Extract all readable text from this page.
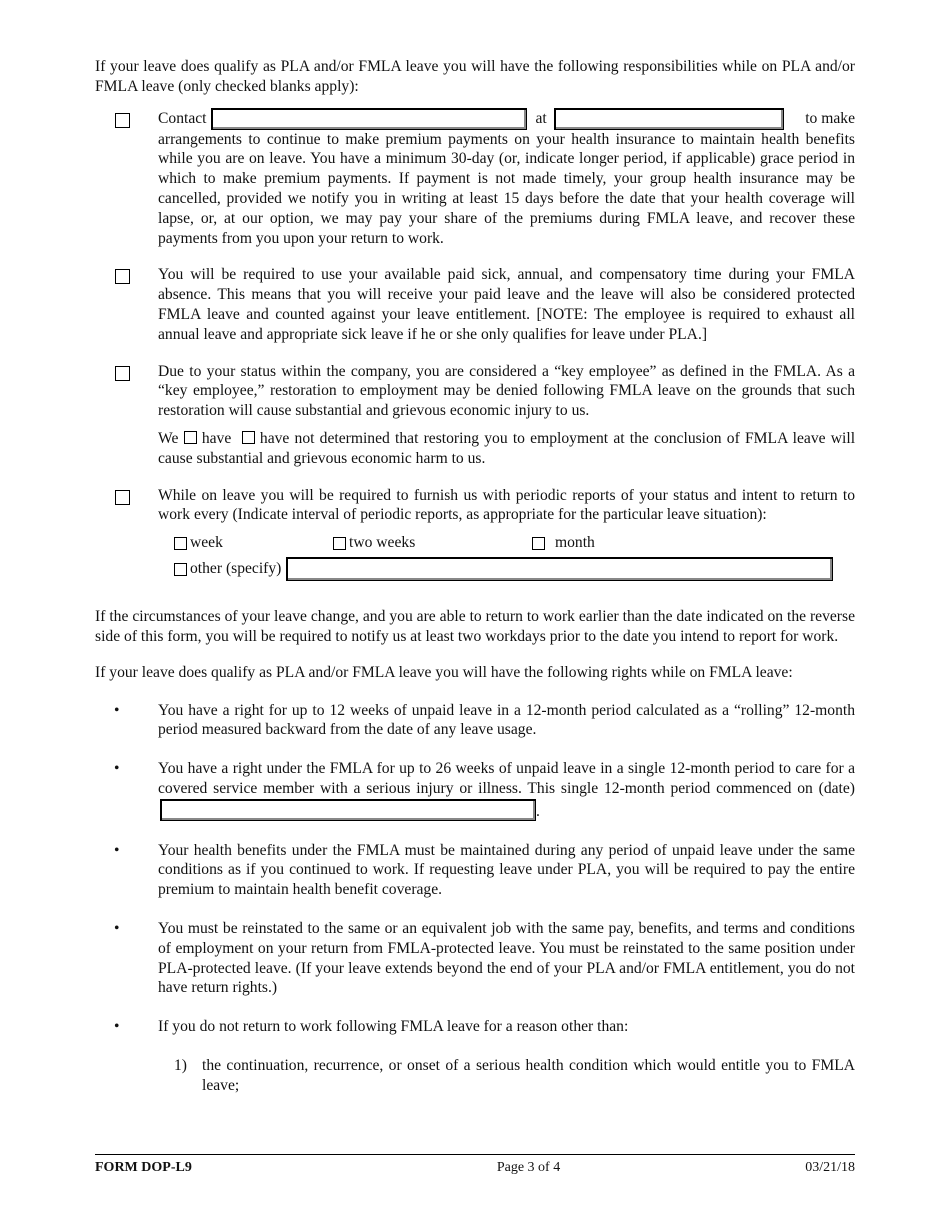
If your leave does qualify as PLA and/or FMLA leave you will have the following responsibilities while on PLA and/or FMLA leave (only checked blanks apply):

Contact	at	to make
arrangements to continue to make premium payments on your health insurance to maintain health benefits while you are on leave. You have a minimum 30-day (or, indicate longer period, if applicable) grace period in which to make premium payments. If payment is not made timely, your group health insurance may be cancelled, provided we notify you in writing at least 15 days before the date that your health coverage will lapse, or, at our option, we may pay your share of the premiums during FMLA leave, and recover these payments from you upon your return to work.

You will be required to use your available paid sick, annual, and compensatory time during your FMLA absence. This means that you will receive your paid leave and the leave will also be considered protected FMLA leave and counted against your leave entitlement. [NOTE: The employee is required to exhaust all annual leave and appropriate sick leave if he or she only qualifies for leave under PLA.]

Due to your status within the company, you are considered a “key employee” as defined in the FMLA. As a “key employee,” restoration to employment may be denied following FMLA leave on the grounds that such restoration will cause substantial and grievous economic injury to us.

We have have not determined that restoring you to employment at the conclusion of FMLA leave will cause substantial and grievous economic harm to us.

While on leave you will be required to furnish us with periodic reports of your status and intent to return to work every (Indicate interval of periodic reports, as appropriate for the particular leave situation):

week	two weeks	month
other (specify)

If the circumstances of your leave change, and you are able to return to work earlier than the date indicated on the reverse side of this form, you will be required to notify us at least two workdays prior to the date you intend to report for work.

If your leave does qualify as PLA and/or FMLA leave you will have the following rights while on FMLA leave:

• You have a right for up to 12 weeks of unpaid leave in a 12-month period calculated as a “rolling” 12-month period measured backward from the date of any leave usage.

• You have a right under the FMLA for up to 26 weeks of unpaid leave in a single 12-month period to care for a covered service member with a serious injury or illness. This single 12-month period commenced on (date) .

• Your health benefits under the FMLA must be maintained during any period of unpaid leave under the same conditions as if you continued to work. If requesting leave under PLA, you will be required to pay the entire premium to maintain health benefit coverage.

• You must be reinstated to the same or an equivalent job with the same pay, benefits, and terms and conditions of employment on your return from FMLA-protected leave. You must be reinstated to the same position under PLA-protected leave. (If your leave extends beyond the end of your PLA and/or FMLA entitlement, you do not have return rights.)

• If you do not return to work following FMLA leave for a reason other than:

1) the continuation, recurrence, or onset of a serious health condition which would entitle you to FMLA leave;

FORM DOP-L9	Page 3 of 4	03/21/18
